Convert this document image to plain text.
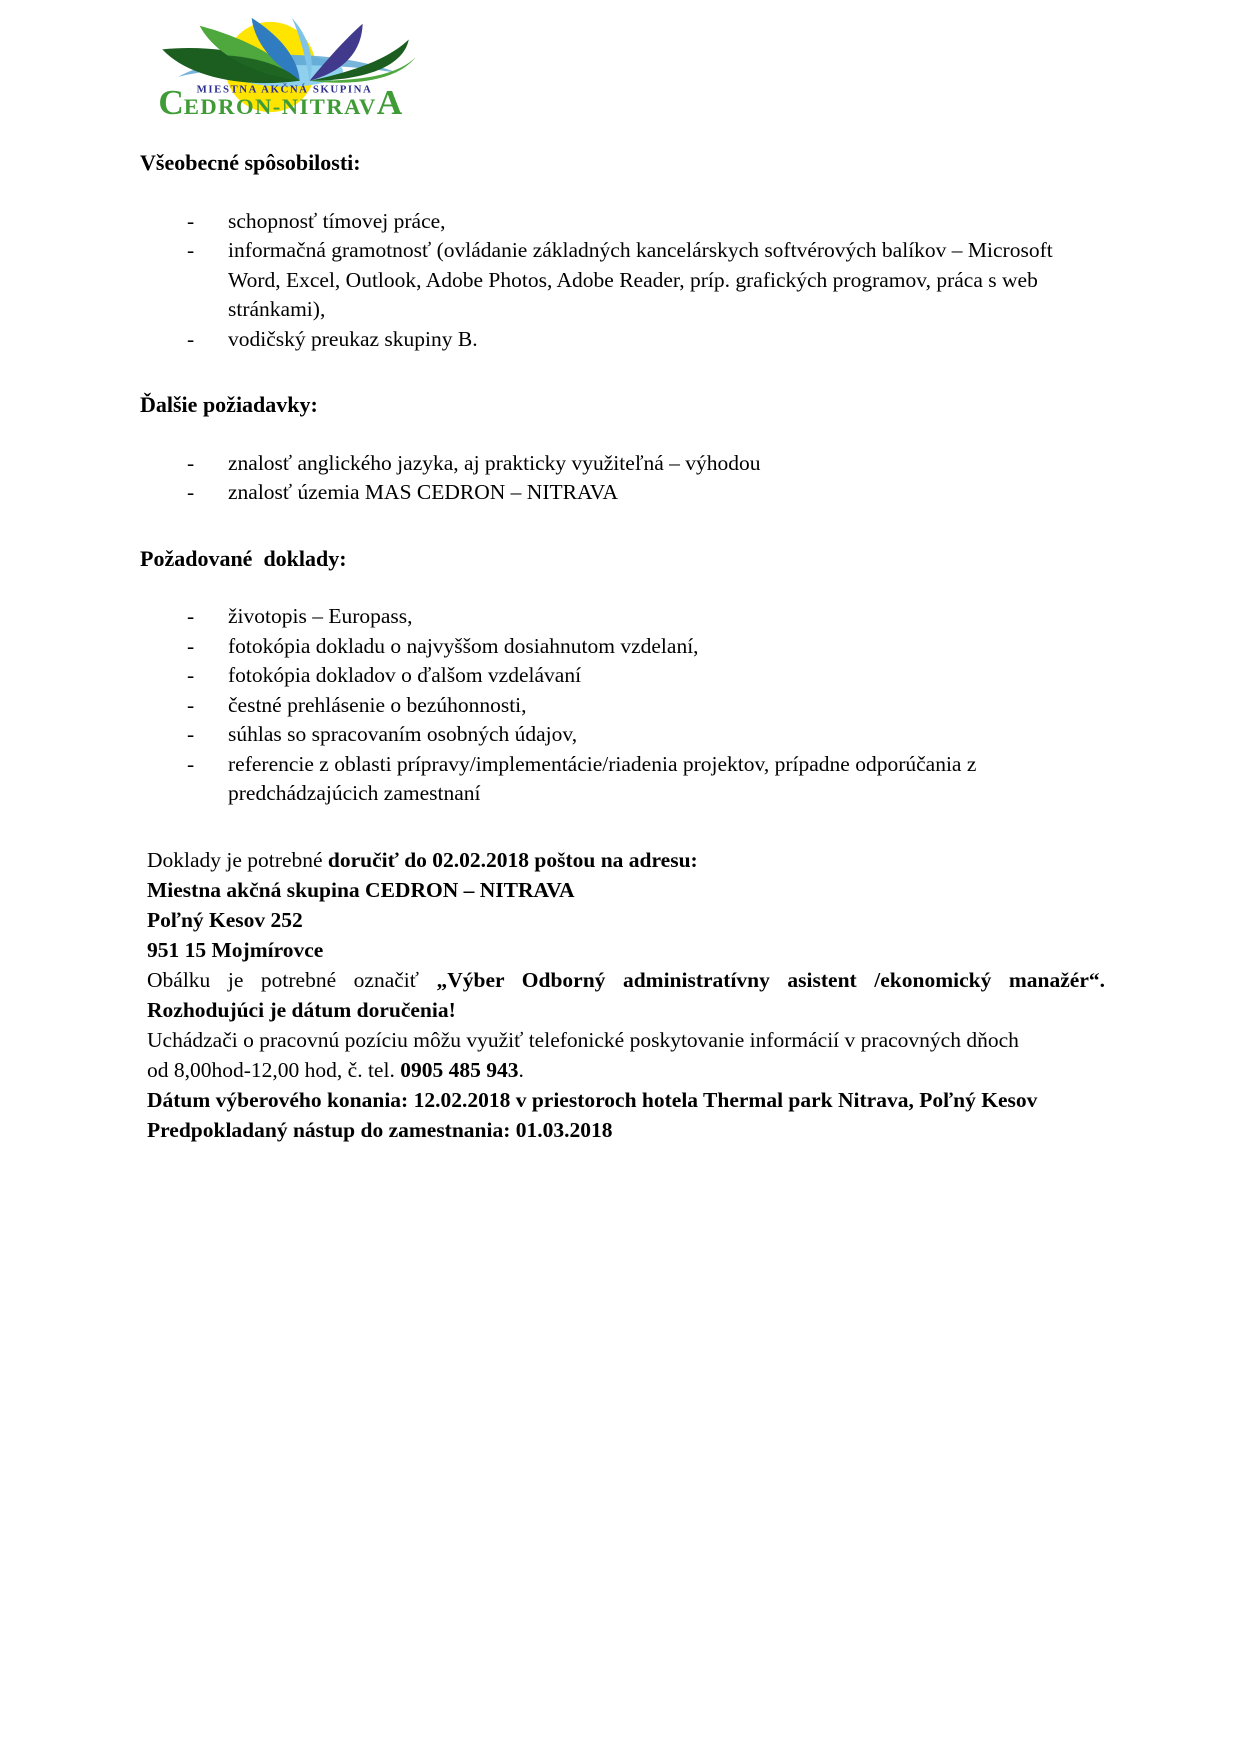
MIESTNA AKČNÁ SKUPINA
CEDRON-NITRAVA
Všeobecné spôsobilosti:
- schopnosť tímovej práce,
- informačná gramotnosť (ovládanie základných kancelárskych softvérových balíkov – Microsoft Word, Excel, Outlook, Adobe Photos, Adobe Reader, príp. grafických programov, práca s web stránkami),
- vodičský preukaz skupiny B.
Ďalšie požiadavky:
- znalosť anglického jazyka, aj prakticky využiteľná – výhodou
- znalosť územia MAS CEDRON – NITRAVA
Požadované  doklady:
- životopis – Europass,
- fotokópia dokladu o najvyššom dosiahnutom vzdelaní,
- fotokópia dokladov o ďalšom vzdelávaní
- čestné prehlásenie o bezúhonnosti,
- súhlas so spracovaním osobných údajov,
- referencie z oblasti prípravy/implementácie/riadenia projektov, prípadne odporúčania z predchádzajúcich zamestnaní

Doklady je potrebné doručiť do 02.02.2018 poštou na adresu:

Miestna akčná skupina CEDRON – NITRAVA

Poľný Kesov 252

951 15 Mojmírovce

Obálku je potrebné označiť „Výber Odborný administratívny asistent /ekonomický manažér“.

Rozhodujúci je dátum doručenia!

Uchádzači o pracovnú pozíciu môžu využiť telefonické poskytovanie informácií v pracovných dňoch

od 8,00hod-12,00 hod, č. tel. 0905 485 943.

Dátum výberového konania: 12.02.2018 v priestoroch hotela Thermal park Nitrava, Poľný Kesov

Predpokladaný nástup do zamestnania: 01.03.2018
